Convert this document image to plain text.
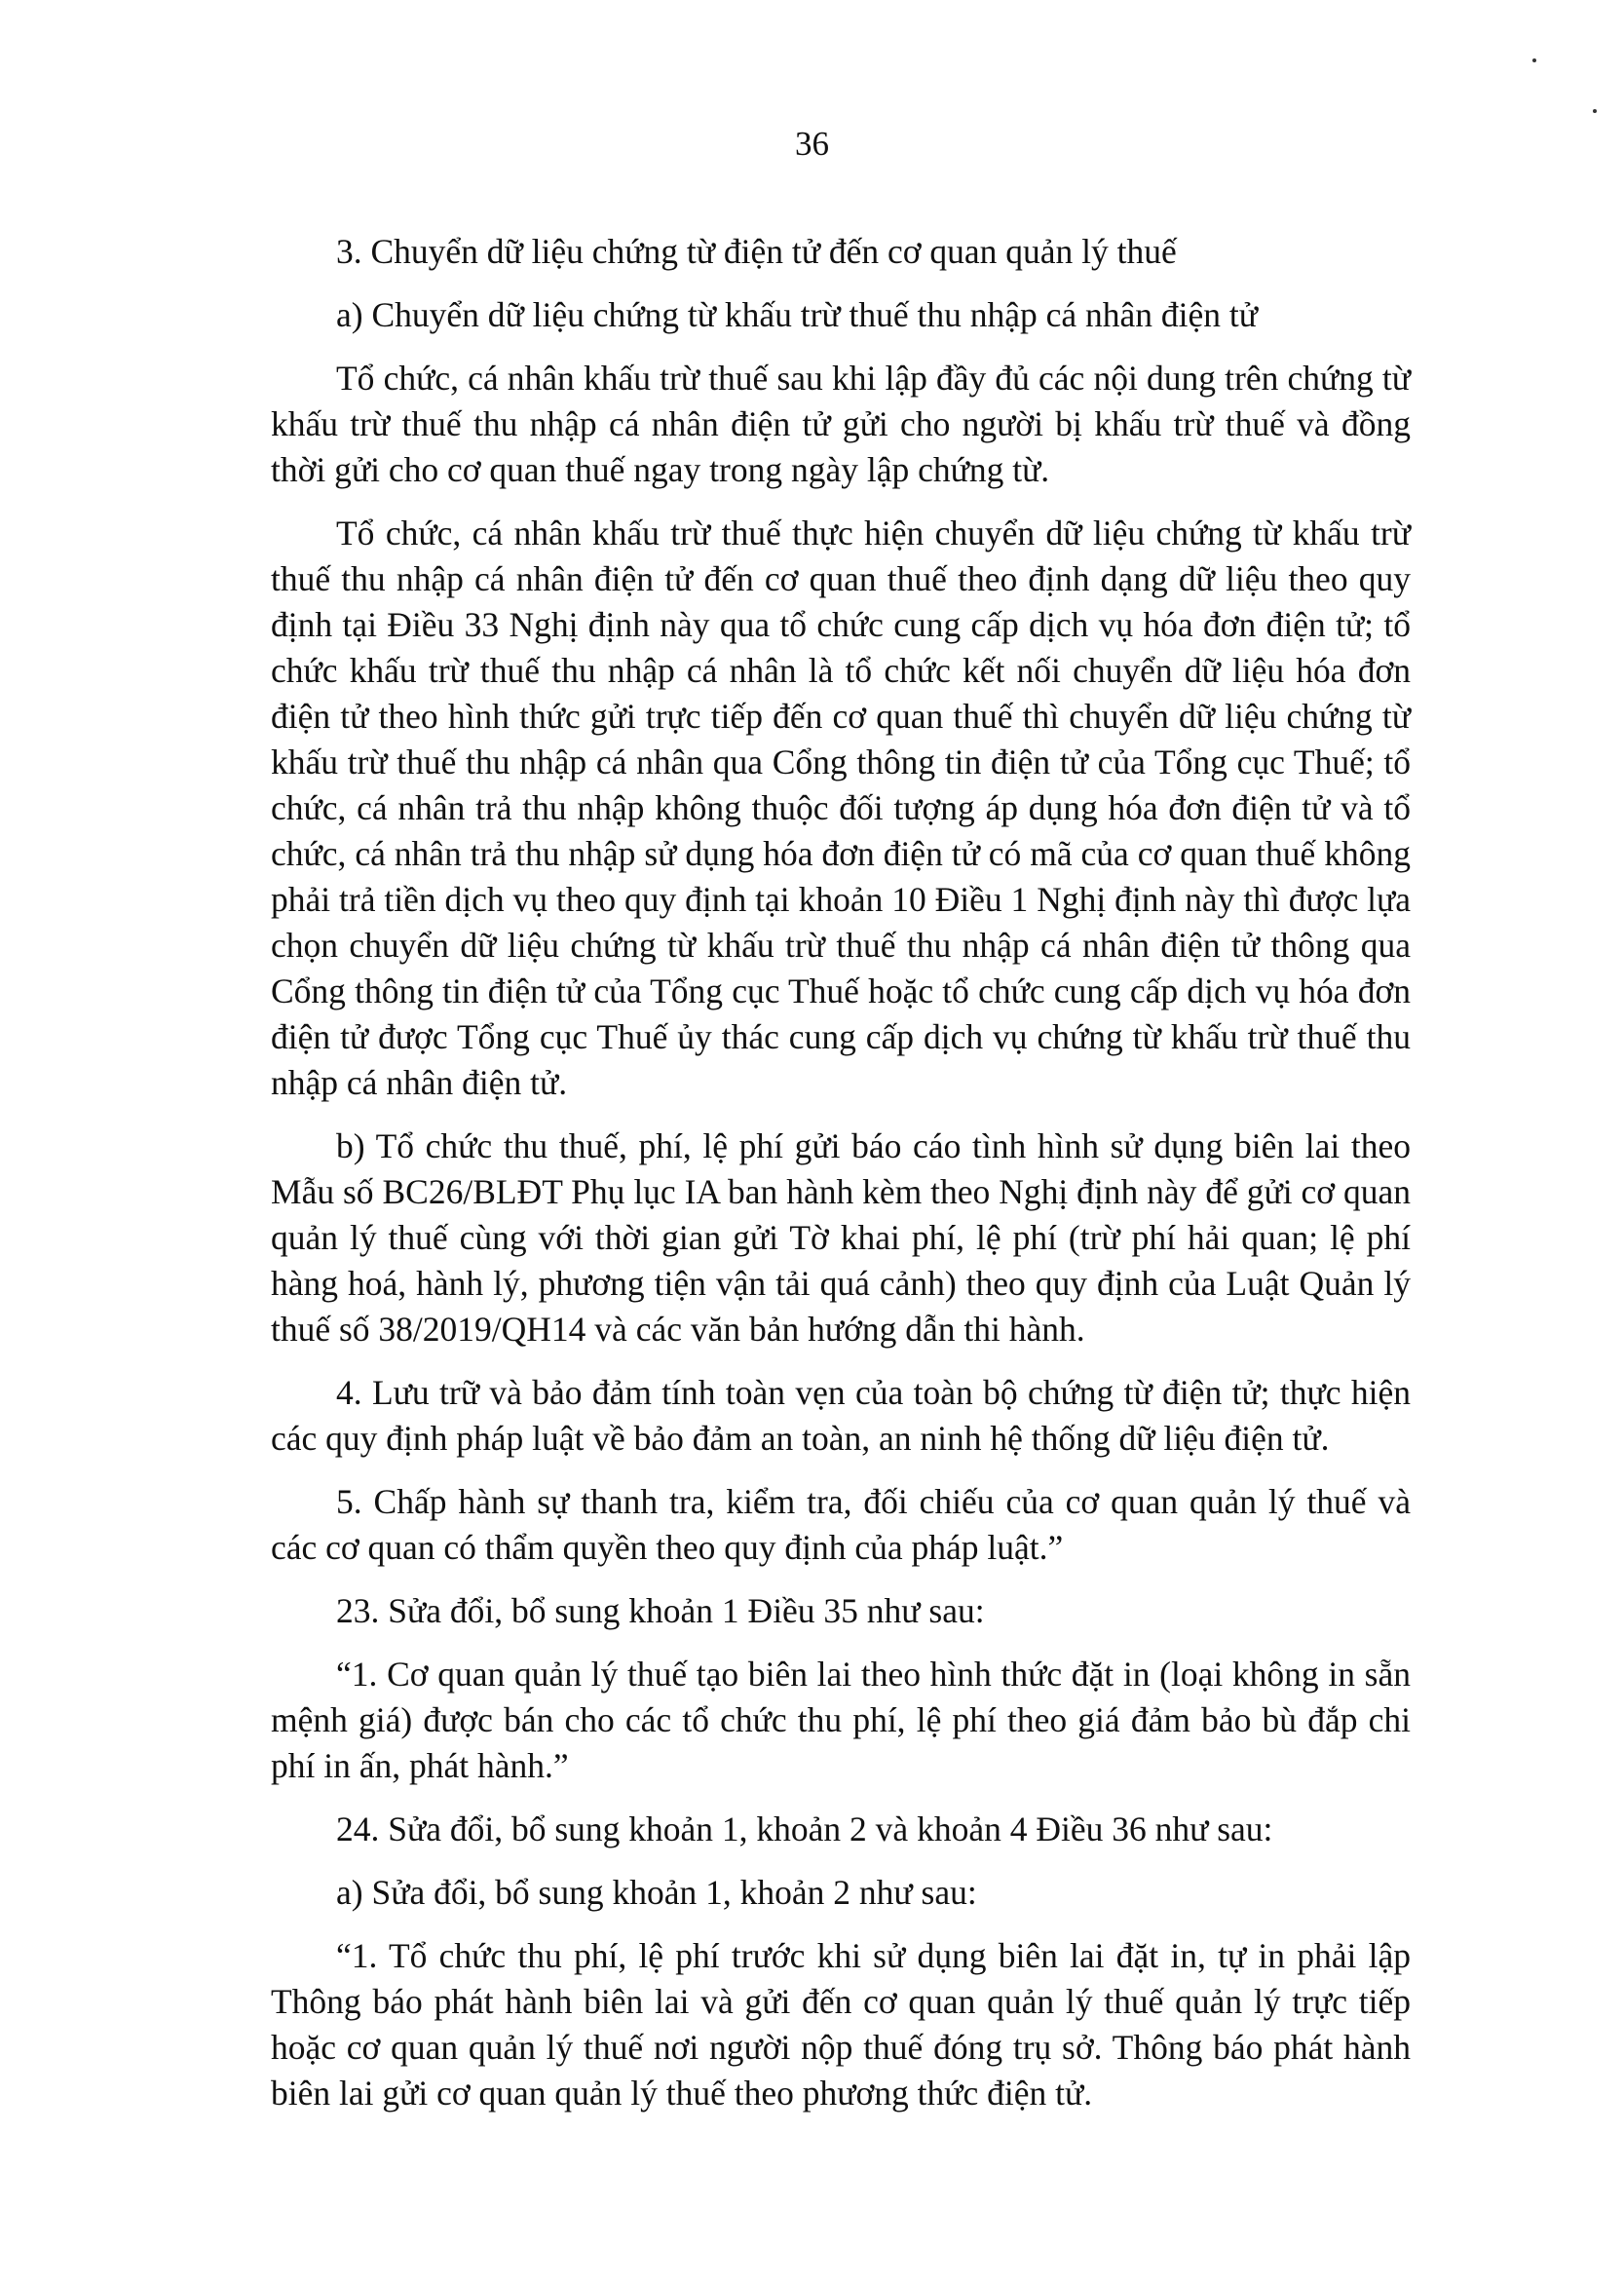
36

3. Chuyển dữ liệu chứng từ điện tử đến cơ quan quản lý thuế

a) Chuyển dữ liệu chứng từ khấu trừ thuế thu nhập cá nhân điện tử

Tổ chức, cá nhân khấu trừ thuế sau khi lập đầy đủ các nội dung trên chứng từ khấu trừ thuế thu nhập cá nhân điện tử gửi cho người bị khấu trừ thuế và đồng thời gửi cho cơ quan thuế ngay trong ngày lập chứng từ.

Tổ chức, cá nhân khấu trừ thuế thực hiện chuyển dữ liệu chứng từ khấu trừ thuế thu nhập cá nhân điện tử đến cơ quan thuế theo định dạng dữ liệu theo quy định tại Điều 33 Nghị định này qua tổ chức cung cấp dịch vụ hóa đơn điện tử; tổ chức khấu trừ thuế thu nhập cá nhân là tổ chức kết nối chuyển dữ liệu hóa đơn điện tử theo hình thức gửi trực tiếp đến cơ quan thuế thì chuyển dữ liệu chứng từ khấu trừ thuế thu nhập cá nhân qua Cổng thông tin điện tử của Tổng cục Thuế; tổ chức, cá nhân trả thu nhập không thuộc đối tượng áp dụng hóa đơn điện tử và tổ chức, cá nhân trả thu nhập sử dụng hóa đơn điện tử có mã của cơ quan thuế không phải trả tiền dịch vụ theo quy định tại khoản 10 Điều 1 Nghị định này thì được lựa chọn chuyển dữ liệu chứng từ khấu trừ thuế thu nhập cá nhân điện tử thông qua Cổng thông tin điện tử của Tổng cục Thuế hoặc tổ chức cung cấp dịch vụ hóa đơn điện tử được Tổng cục Thuế ủy thác cung cấp dịch vụ chứng từ khấu trừ thuế thu nhập cá nhân điện tử.

b) Tổ chức thu thuế, phí, lệ phí gửi báo cáo tình hình sử dụng biên lai theo Mẫu số BC26/BLĐT Phụ lục IA ban hành kèm theo Nghị định này để gửi cơ quan quản lý thuế cùng với thời gian gửi Tờ khai phí, lệ phí (trừ phí hải quan; lệ phí hàng hoá, hành lý, phương tiện vận tải quá cảnh) theo quy định của Luật Quản lý thuế số 38/2019/QH14 và các văn bản hướng dẫn thi hành.

4. Lưu trữ và bảo đảm tính toàn vẹn của toàn bộ chứng từ điện tử; thực hiện các quy định pháp luật về bảo đảm an toàn, an ninh hệ thống dữ liệu điện tử.

5. Chấp hành sự thanh tra, kiểm tra, đối chiếu của cơ quan quản lý thuế và các cơ quan có thẩm quyền theo quy định của pháp luật.”

23. Sửa đổi, bổ sung khoản 1 Điều 35 như sau:

“1. Cơ quan quản lý thuế tạo biên lai theo hình thức đặt in (loại không in sẵn mệnh giá) được bán cho các tổ chức thu phí, lệ phí theo giá đảm bảo bù đắp chi phí in ấn, phát hành.”

24. Sửa đổi, bổ sung khoản 1, khoản 2 và khoản 4 Điều 36 như sau:

a) Sửa đổi, bổ sung khoản 1, khoản 2 như sau:

“1. Tổ chức thu phí, lệ phí trước khi sử dụng biên lai đặt in, tự in phải lập Thông báo phát hành biên lai và gửi đến cơ quan quản lý thuế quản lý trực tiếp hoặc cơ quan quản lý thuế nơi người nộp thuế đóng trụ sở. Thông báo phát hành biên lai gửi cơ quan quản lý thuế theo phương thức điện tử.
